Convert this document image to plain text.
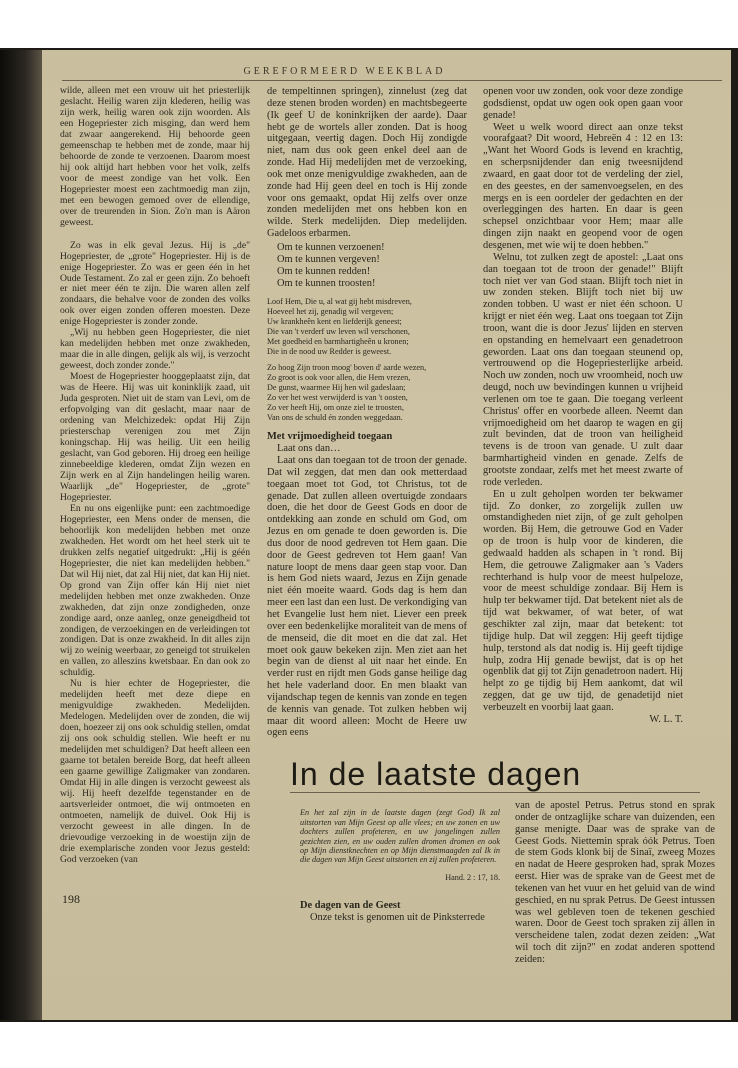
GEREFORMEERD WEEKBLAD

wilde, alleen met een vrouw uit het priesterlijk geslacht. Heilig waren zijn klederen, heilig was zijn werk, heilig waren ook zijn woorden. Als een Hogepriester zich misging, dan werd hem dat zwaar aangerekend. Hij behoorde geen gemeenschap te hebben met de zonde, maar hij behoorde de zonde te verzoenen. Daarom moest hij ook altijd hart hebben voor het volk, zelfs voor de meest zondige van het volk. Een Hogepriester moest een zachtmoedig man zijn, met een bewogen gemoed over de ellendige, over de treurenden in Sion. Zo'n man is Aäron geweest.

Zo was in elk geval Jezus. Hij is „de" Hogepriester, de „grote" Hogepriester. Hij is de enige Hogepriester. Zo was er geen één in het Oude Testament. Zo zal er geen zijn. Zo behoeft er niet meer één te zijn. Die waren allen zelf zondaars, die behalve voor de zonden des volks ook over eigen zonden offeren moesten. Deze enige Hogepriester is zonder zonde.

„Wij nu hebben geen Hogepriester, die niet kan medelijden hebben met onze zwakheden, maar die in alle dingen, gelijk als wij, is verzocht geweest, doch zonder zonde."

Moest de Hogepriester hooggeplaatst zijn, dat was de Heere. Hij was uit koninklijk zaad, uit Juda gesproten. Niet uit de stam van Levi, om de erfopvolging van dit geslacht, maar naar de ordening van Melchizedek: opdat Hij Zijn priesterschap verenigen zou met Zijn koningschap. Hij was heilig. Uit een heilig geslacht, van God geboren. Hij droeg een heilige zinnebeeldige klederen, omdat Zijn wezen en Zijn werk en al Zijn handelingen heilig waren. Waarlijk „de" Hogepriester, de „grote" Hogepriester.

En nu ons eigenlijke punt: een zachtmoedige Hogepriester, een Mens onder de mensen, die behoorlijk kon medelijden hebben met onze zwakheden. Het wordt om het heel sterk uit te drukken zelfs negatief uitgedrukt: „Hij is géén Hogepriester, die niet kan medelijden hebben." Dat wil Hij niet, dat zal Hij niet, dat kan Hij niet. Op grond van Zijn offer kán Hij niet niet medelijden hebben met onze zwakheden. Onze zwakheden, dat zijn onze zondigheden, onze zondige aard, onze aanleg, onze geneigdheid tot zondigen, de verzoekingen en de verleidingen tot zondigen. Dat is onze zwakheid. In dit alles zijn wij zo weinig weerbaar, zo geneigd tot struikelen en vallen, zo alleszins kwetsbaar. En dan ook zo schuldig.

Nu is hier echter de Hogepriester, die medelijden heeft met deze diepe en menigvuldige zwakheden. Medelijden. Medelogen. Medelijden over de zonden, die wij doen, hoezeer zij ons ook schuldig stellen, omdat zij ons ook schuldig stellen. Wie heeft er nu medelijden met schuldigen? Dat heeft alleen een gaarne tot betalen bereide Borg, dat heeft alleen een gaarne gewillige Zaligmaker van zondaren. Omdat Hij in alle dingen is verzocht geweest als wij. Hij heeft dezelfde tegenstander en de aartsverleider ontmoet, die wij ontmoeten en ontmoeten, namelijk de duivel. Ook Hij is verzocht geweest in alle dingen. In de drievoudige verzoeking in de woestijn zijn de drie exemplarische zonden voor Jezus gesteld: God verzoeken (van

de tempeltinnen springen), zinnelust (zeg dat deze stenen broden worden) en machtsbegeerte (Ik geef U de koninkrijken der aarde). Daar hebt ge de wortels aller zonden. Dat is hoog uitgegaan, veertig dagen. Doch Hij zondigde niet, nam dus ook geen enkel deel aan de zonde. Had Hij medelijden met de verzoeking, ook met onze menigvuldige zwakheden, aan de zonde had Hij geen deel en toch is Hij zonde voor ons gemaakt, opdat Hij zelfs over onze zonden medelijden met ons hebben kon en wilde. Sterk medelijden. Diep medelijden. Gadeloos erbarmen.

Om te kunnen verzoenen!
Om te kunnen vergeven!
Om te kunnen redden!
Om te kunnen troosten!
Loof Hem, Die u, al wat gij hebt misdreven,
Hoeveel het zij, genadig wil vergeven;
Uw krankheên kent en liefderijk geneest;
Die van 't verderf uw leven wil verschonen,
Met goedheid en barmhartigheên u kronen;
Die in de nood uw Redder is geweest.
Zo hoog Zijn troon moog' boven d' aarde wezen,
Zo groot is ook voor allen, die Hem vrezen,
De gunst, waarmee Hij hen wil gadeslaan;
Zo ver het west verwijderd is van 't oosten,
Zo ver heeft Hij, om onze ziel te troosten,
Van ons de schuld én zonden weggedaan.

Met vrijmoedigheid toegaan

Laat ons dan…

Laat ons dan toegaan tot de troon der genade. Dat wil zeggen, dat men dan ook metterdaad toegaan moet tot God, tot Christus, tot de genade. Dat zullen alleen overtuigde zondaars doen, die het door de Geest Gods en door de ontdekking aan zonde en schuld om God, om Jezus en om genade te doen geworden is. Die dus door de nood gedreven tot Hem gaan. Die door de Geest gedreven tot Hem gaan! Van nature loopt de mens daar geen stap voor. Dan is hem God niets waard, Jezus en Zijn genade niet één moeite waard. Gods dag is hem dan meer een last dan een lust. De verkondiging van het Evangelie lust hem niet. Liever een preek over een bedenkelijke moraliteit van de mens of de menseid, die dit moet en die dat zal. Het moet ook gauw bekeken zijn. Men ziet aan het begin van de dienst al uit naar het einde. En verder rust en rijdt men Gods ganse heilige dag het hele vaderland door. En men blaakt van vijandschap tegen de kennis van zonde en tegen de kennis van genade. Tot zulken hebben wij maar dit woord alleen: Mocht de Heere uw ogen eens

openen voor uw zonden, ook voor deze zondige godsdienst, opdat uw ogen ook open gaan voor genade!

Weet u welk woord direct aan onze tekst voorafgaat? Dit woord, Hebreën 4 : 12 en 13: „Want het Woord Gods is levend en krachtig, en scherpsnijdender dan enig tweesnijdend zwaard, en gaat door tot de verdeling der ziel, en des geestes, en der samenvoegselen, en des mergs en is een oordeler der gedachten en der overleggingen des harten. En daar is geen schepsel onzichtbaar voor Hem; maar alle dingen zijn naakt en geopend voor de ogen desgenen, met wie wij te doen hebben."

Welnu, tot zulken zegt de apostel: „Laat ons dan toegaan tot de troon der genade!" Blijft toch niet ver van God staan. Blijft toch niet in uw zonden steken. Blijft toch niet bij uw zonden tobben. U wast er niet één schoon. U krijgt er niet één weg. Laat ons toegaan tot Zijn troon, want die is door Jezus' lijden en sterven en opstanding en hemelvaart een genadetroon geworden. Laat ons dan toegaan steunend op, vertrouwend op die Hogepriesterlijke arbeid. Noch uw zonden, noch uw vroomheid, noch uw deugd, noch uw bevindingen kunnen u vrijheid verlenen om toe te gaan. Die toegang verleent Christus' offer en voorbede alleen. Neemt dan vrijmoedigheid om het daarop te wagen en gij zult bevinden, dat de troon van heiligheid tevens is de troon van genade. U zult daar barmhartigheid vinden en genade. Zelfs de grootste zondaar, zelfs met het meest zwarte of rode verleden.

En u zult geholpen worden ter bekwamer tijd. Zo donker, zo zorgelijk zullen uw omstandigheden niet zijn, of ge zult geholpen worden. Bij Hem, die getrouwe God en Vader op de troon is hulp voor de kinderen, die gedwaald hadden als schapen in 't rond. Bij Hem, die getrouwe Zaligmaker aan 's Vaders rechterhand is hulp voor de meest hulpeloze, voor de meest schuldige zondaar. Bij Hem is hulp ter bekwamer tijd. Dat betekent niet als de tijd wat bekwamer, of wat beter, of wat geschikter zal zijn, maar dat betekent: tot tijdige hulp. Dat wil zeggen: Hij geeft tijdige hulp, terstond als dat nodig is. Hij geeft tijdige hulp, zodra Hij genade bewijst, dat is op het ogenblik dat gij tot Zijn genadetroon nadert. Hij helpt zo ge tijdig bij Hem aankomt, dat wil zeggen, dat ge uw tijd, de genadetijd niet verbeuzelt en voorbij laat gaan.

W. L. T.

In de laatste dagen

En het zal zijn in de laatste dagen (zegt God) Ik zal uitstorten van Mijn Geest op alle vlees; en uw zonen en uw dochters zullen profeteren, en uw jongelingen zullen gezichten zien, en uw ouden zullen dromen dromen en ook op Mijn dienstknechten en op Mijn dienstmaagden zal Ik in die dagen van Mijn Geest uitstorten en zij zullen profeteren.

Hand. 2 : 17, 18.

De dagen van de Geest

Onze tekst is genomen uit de Pinksterrede

van de apostel Petrus. Petrus stond en sprak onder de ontzaglijke schare van duizenden, een ganse menigte. Daar was de sprake van de Geest Gods. Niettemin sprak óók Petrus. Toen de stem Gods klonk bij de Sinaï, zweeg Mozes en nadat de Heere gesproken had, sprak Mozes eerst. Hier was de sprake van de Geest met de tekenen van het vuur en het geluid van de wind geschied, en nu sprak Petrus. De Geest intussen was wel gebleven toen de tekenen geschied waren. Door de Geest toch spraken zij állen in verscheidene talen, zodat dezen zeiden: „Wat wil toch dit zijn?" en zodat anderen spottend zeiden:

198
